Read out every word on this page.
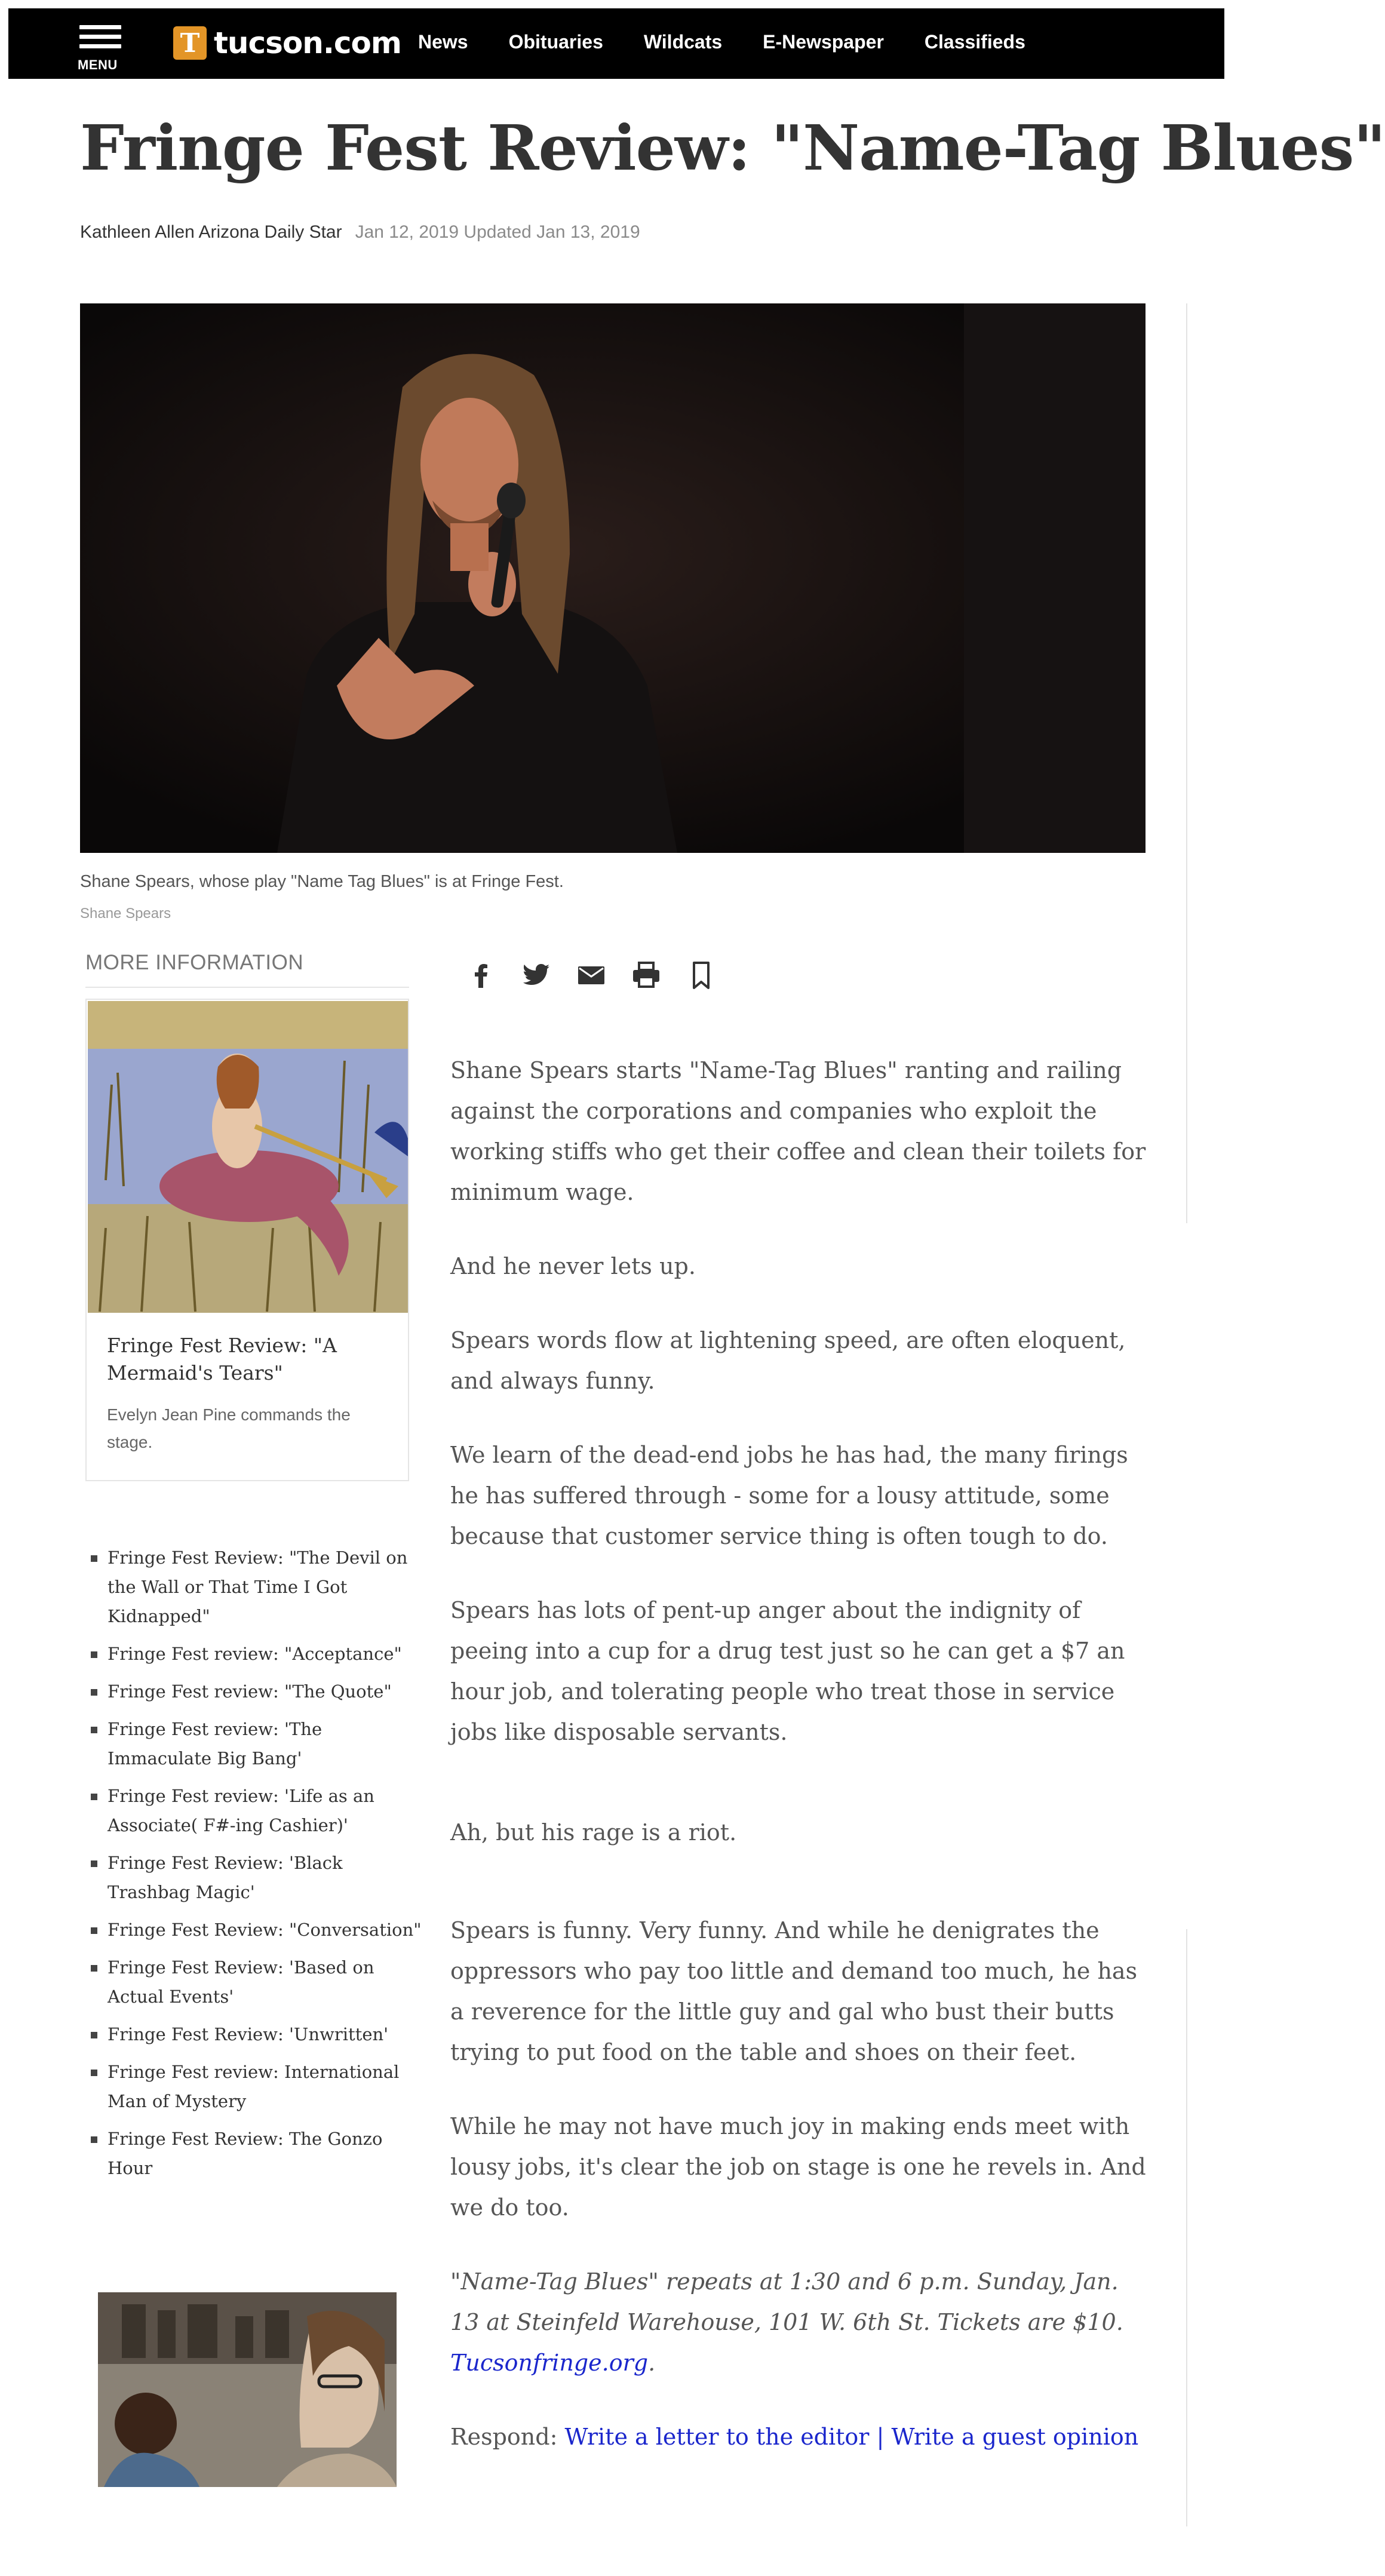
MENU
T tucson.com News Obituaries Wildcats E-Newspaper Classifieds
Fringe Fest Review: "Name-Tag Blues"
Kathleen Allen Arizona Daily Star Jan 12, 2019 Updated Jan 13, 2019
Shane Spears, whose play "Name Tag Blues" is at Fringe Fest.
Shane Spears
MORE INFORMATION
Fringe Fest Review: "A Mermaid's Tears"
Evelyn Jean Pine commands the stage.
Fringe Fest Review: "The Devil on the Wall or That Time I Got Kidnapped"
Fringe Fest review: "Acceptance"
Fringe Fest review: "The Quote"
Fringe Fest review: 'The Immaculate Big Bang'
Fringe Fest review: 'Life as an Associate( F#-ing Cashier)'
Fringe Fest Review: 'Black Trashbag Magic'
Fringe Fest Review: "Conversation"
Fringe Fest Review: 'Based on Actual Events'
Fringe Fest Review: 'Unwritten'
Fringe Fest review: International Man of Mystery
Fringe Fest Review: The Gonzo Hour

Shane Spears starts "Name-Tag Blues" ranting and railing against the corporations and companies who exploit the working stiffs who get their coffee and clean their toilets for minimum wage.

And he never lets up.

Spears words flow at lightening speed, are often eloquent, and always funny.

We learn of the dead-end jobs he has had, the many firings he has suffered through - some for a lousy attitude, some because that customer service thing is often tough to do.

Spears has lots of pent-up anger about the indignity of peeing into a cup for a drug test just so he can get a $7 an hour job, and tolerating people who treat those in service jobs like disposable servants.

Ah, but his rage is a riot.

Spears is funny. Very funny. And while he denigrates the oppressors who pay too little and demand too much, he has a reverence for the little guy and gal who bust their butts trying to put food on the table and shoes on their feet.

While he may not have much joy in making ends meet with lousy jobs, it's clear the job on stage is one he revels in. And we do too.

"Name-Tag Blues" repeats at 1:30 and 6 p.m. Sunday, Jan. 13 at Steinfeld Warehouse, 101 W. 6th St. Tickets are $10. Tucsonfringe.org.

Respond: Write a letter to the editor | Write a guest opinion
